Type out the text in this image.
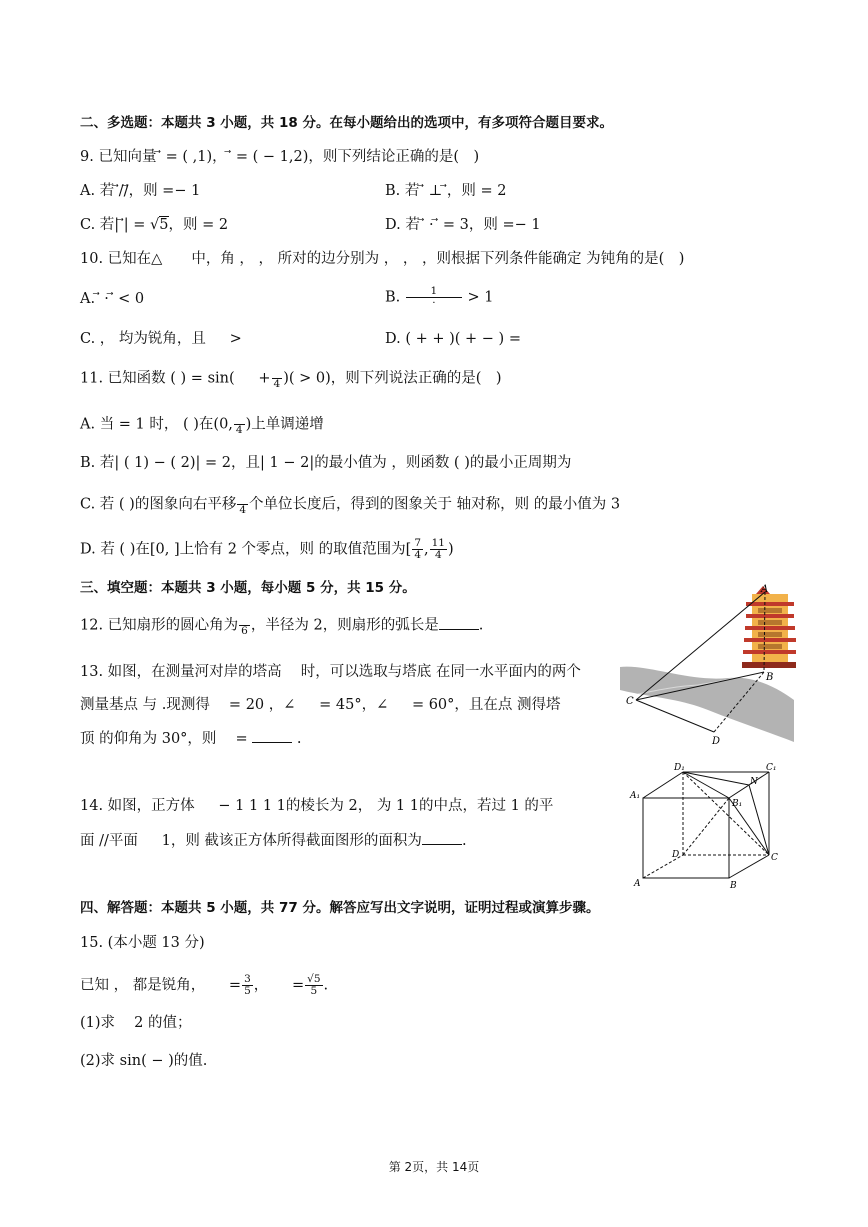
二、多选题：本题共 3 小题，共 18 分。在每小题给出的选项中，有多项符合题目要求。
9. 已知向量 ⃗ = ( ,1)， ⃗ = ( − 1,2)，则下列结论正确的是(　)
A. 若 ⃗//⃗，则 =− 1	B. 若 ⃗ ⊥ ⃗，则 = 2
C. 若| ⃗| = √5，则 = 2	D. 若 ⃗ · ⃗ = 3，则 =− 1
10. 已知在△　　中，角 ， ， 所对的边分别为 ， ， ，则根据下列条件能确定 为钝角的是(　)
A. ⃗ · ⃗ < 0	B. $\frac{1}{\cdot} > 1$
C. ， 均为锐角，且 　 >	D. ( + + )( + − ) =
11. 已知函数 ( ) = sin( 　 +
4 )( > 0)，则下列说法正确的是(　)
A. 当 = 1 时， ( )在(0,
4 )上单调递增
B. 若| ( 1) − ( 2)| = 2，且| 1 − 2|的最小值为 ，则函数 ( )的最小正周期为
C. 若 ( )的图象向右平移
4 个单位长度后，得到的图象关于 轴对称，则 的最小值为 3
D. 若 ( )在[0, ]上恰有 2 个零点，则 的取值范围为[ $\frac{7}{4}$ , $\frac{11}{4}$ )
三、填空题：本题共 3 小题，每小题 5 分，共 15 分。
12. 已知扇形的圆心角为
6 ，半径为 2，则扇形的弧长是	.
13. 如图，在测量河对岸的塔高 　时，可以选取与塔底 在同一水平面内的两个
测量基点 与 .现测得 　= 20 ，∠ 　 = 45°，∠ 　 = 60°，且在点 测得塔
顶 的仰角为 30°，则 　=	.
A
B
C
D
14. 如图，正方体 　 − 1 1 1 1的棱长为 2， 为 1 1的中点，若过 1 的平
面 //平面 　 1，则 截该正方体所得截面图形的面积为	.
D₁	C₁
A₁
B₁
N
D	C
A	B
四、解答题：本题共 5 小题，共 77 分。解答应写出文字说明，证明过程或演算步骤。
15. (本小题 13 分)
已知 ， 都是锐角， 　 = $\frac{3}{5}$ ， 　 = $\frac{√5}{5}$ .
(1)求 　2 的值；
(2)求 sin( − )的值.
第 2页，共 14页
